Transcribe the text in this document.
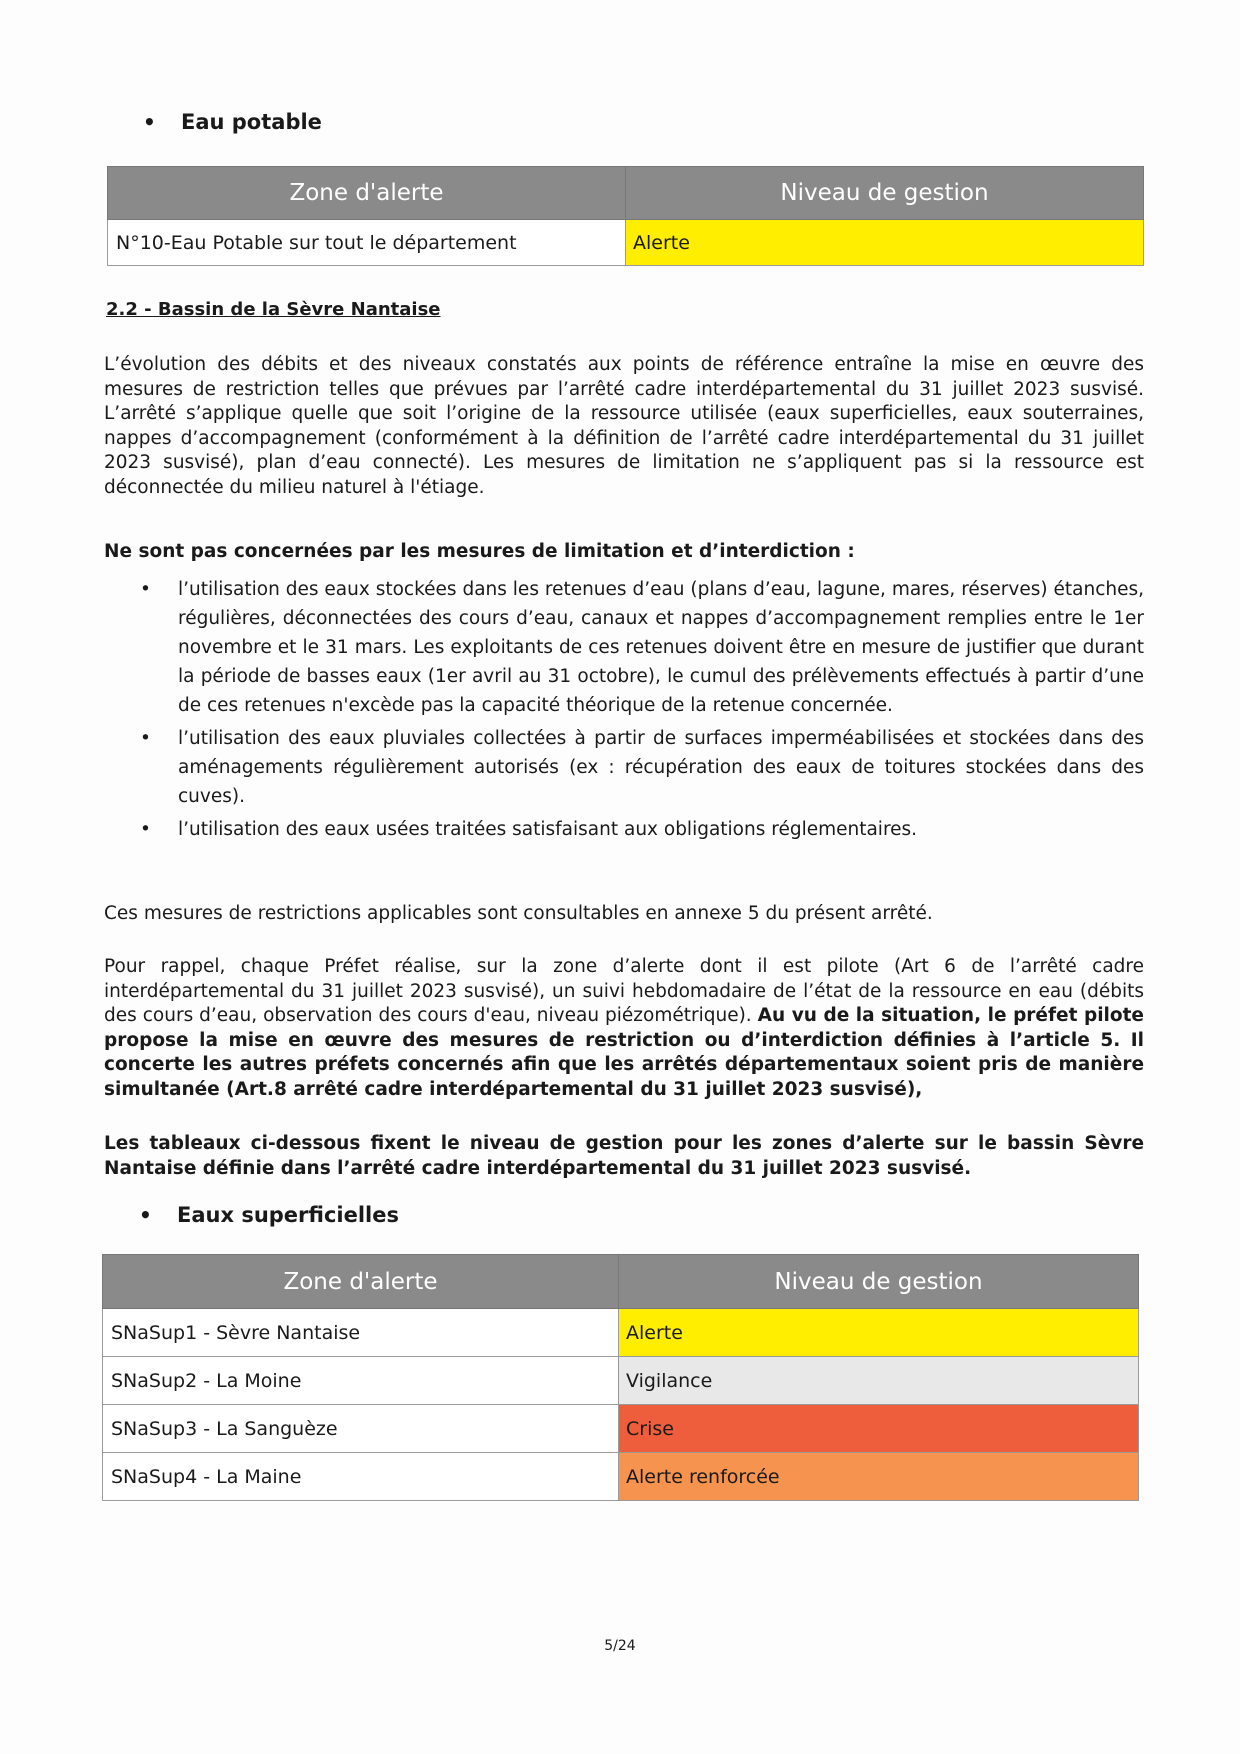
•	Eau potable
Zone d'alerte	Niveau de gestion
N°10-Eau Potable sur tout le département	Alerte
2.2 - Bassin de la Sèvre Nantaise
L’évolution des débits et des niveaux constatés aux points de référence entraîne la mise en œuvre des mesures de restriction telles que prévues par l’arrêté cadre interdépartemental du 31 juillet 2023 susvisé. L’arrêté s’applique quelle que soit l’origine de la ressource utilisée (eaux superficielles, eaux souterraines, nappes d’accompagnement (conformément à la définition de l’arrêté cadre interdépartemental du 31 juillet 2023 susvisé), plan d’eau connecté). Les mesures de limitation ne s’appliquent pas si la ressource est déconnectée du milieu naturel à l'étiage.
Ne sont pas concernées par les mesures de limitation et d’interdiction :
• l’utilisation des eaux stockées dans les retenues d’eau (plans d’eau, lagune, mares, réserves) étanches, régulières, déconnectées des cours d’eau, canaux et nappes d’accompagnement remplies entre le 1er novembre et le 31 mars. Les exploitants de ces retenues doivent être en mesure de justifier que durant la période de basses eaux (1er avril au 31 octobre), le cumul des prélèvements effectués à partir d’une de ces retenues n'excède pas la capacité théorique de la retenue concernée.
• l’utilisation des eaux pluviales collectées à partir de surfaces imperméabilisées et stockées dans des aménagements régulièrement autorisés (ex : récupération des eaux de toitures stockées dans des cuves).
• l’utilisation des eaux usées traitées satisfaisant aux obligations réglementaires.
Ces mesures de restrictions applicables sont consultables en annexe 5 du présent arrêté.
Pour rappel, chaque Préfet réalise, sur la zone d’alerte dont il est pilote (Art 6 de l’arrêté cadre interdépartemental du 31 juillet 2023 susvisé), un suivi hebdomadaire de l’état de la ressource en eau (débits des cours d’eau, observation des cours d'eau, niveau piézométrique). Au vu de la situation, le préfet pilote propose la mise en œuvre des mesures de restriction ou d’interdiction définies à l’article 5. Il concerte les autres préfets concernés afin que les arrêtés départementaux soient pris de manière simultanée (Art.8 arrêté cadre interdépartemental du 31 juillet 2023 susvisé),
Les tableaux ci-dessous fixent le niveau de gestion pour les zones d’alerte sur le bassin Sèvre Nantaise définie dans l’arrêté cadre interdépartemental du 31 juillet 2023 susvisé.
•	Eaux superficielles
Zone d'alerte	Niveau de gestion
SNaSup1 - Sèvre Nantaise	Alerte
SNaSup2 - La Moine	Vigilance
SNaSup3 - La Sanguèze	Crise
SNaSup4 - La Maine	Alerte renforcée
5/24
